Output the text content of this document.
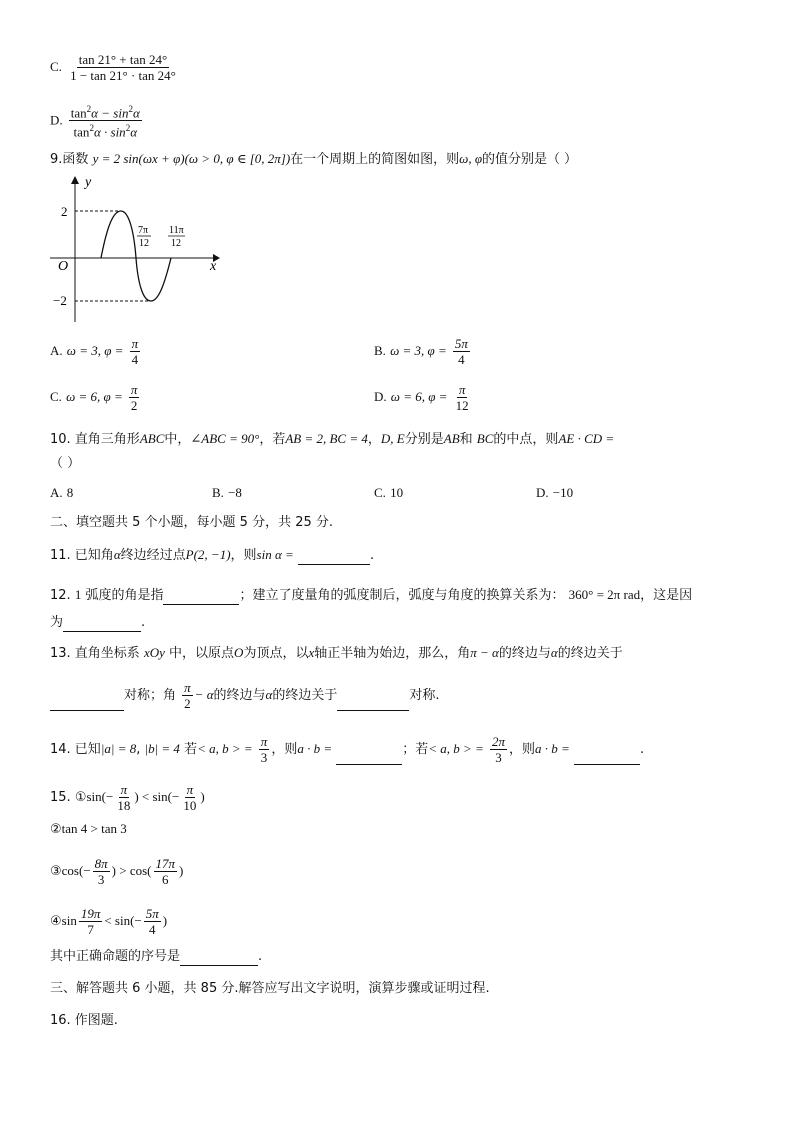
C. $\frac{\tan 21^\circ + \tan 24^\circ}{1 - \tan 21^\circ \cdot \tan 24^\circ}$
D. $\frac{\tan^2\alpha - \sin^2\alpha}{\tan^2\alpha \cdot \sin^2\alpha}$
9.函数 y = 2 sin(ωx + φ)(ω > 0, φ ∈ [0, 2π])在一个周期上的简图如图，则ω, φ的值分别是（ ）
y
x
O
2
−2
7π
12
11π
12
A. ω = 3, $\varphi = \frac{\pi}{4}$	B. ω = 3, $\varphi = \frac{5\pi}{4}$
C. ω = 6, $\varphi = \frac{\pi}{2}$	D. ω = 6, $\varphi = \frac{\pi}{12}$
10. 直角三角形ABC中，∠ABC = 90°，若AB = 2, BC = 4，D, E分别是AB和 BC的中点，则AE · CD =
（ ）
A. 8	B. −8	C. 10	D. −10
二、填空题共 5 个小题，每小题 5 分，共 25 分.
11. 已知角α终边经过点P(2, −1)，则sin α =	.
12. 1 弧度的角是指	；建立了度量角的弧度制后，弧度与角度的换算关系为： 360° = 2π rad，这是因
为	.
13. 直角坐标系 xOy 中，以原点O为顶点，以x轴正半轴为始边，那么，角π − α的终边与α的终边关于
对称；角 $\frac{\pi}{2} - \alpha$的终边与α的终边关于	对称.
14. 已知|a| = 8, |b| = 4 若< a, b > = $\frac{\pi}{3}$ ，则a · b =	；若< a, b > = $\frac{2\pi}{3}$ ，则a · b =	.
15. ①sin(− $\frac{\pi}{18}$ ) < $\sin(- \frac{\pi}{10}$ )
②tan 4 > tan 3
③cos(− $\frac{8\pi}{3}$ ) > $\cos( \frac{17\pi}{6}$ )
④sin $\frac{19\pi}{7} < \sin(- \frac{5\pi}{4}$ )
其中正确命题的序号是	.
三、解答题共 6 小题，共 85 分.解答应写出文字说明，演算步骤或证明过程.
16. 作图题.
